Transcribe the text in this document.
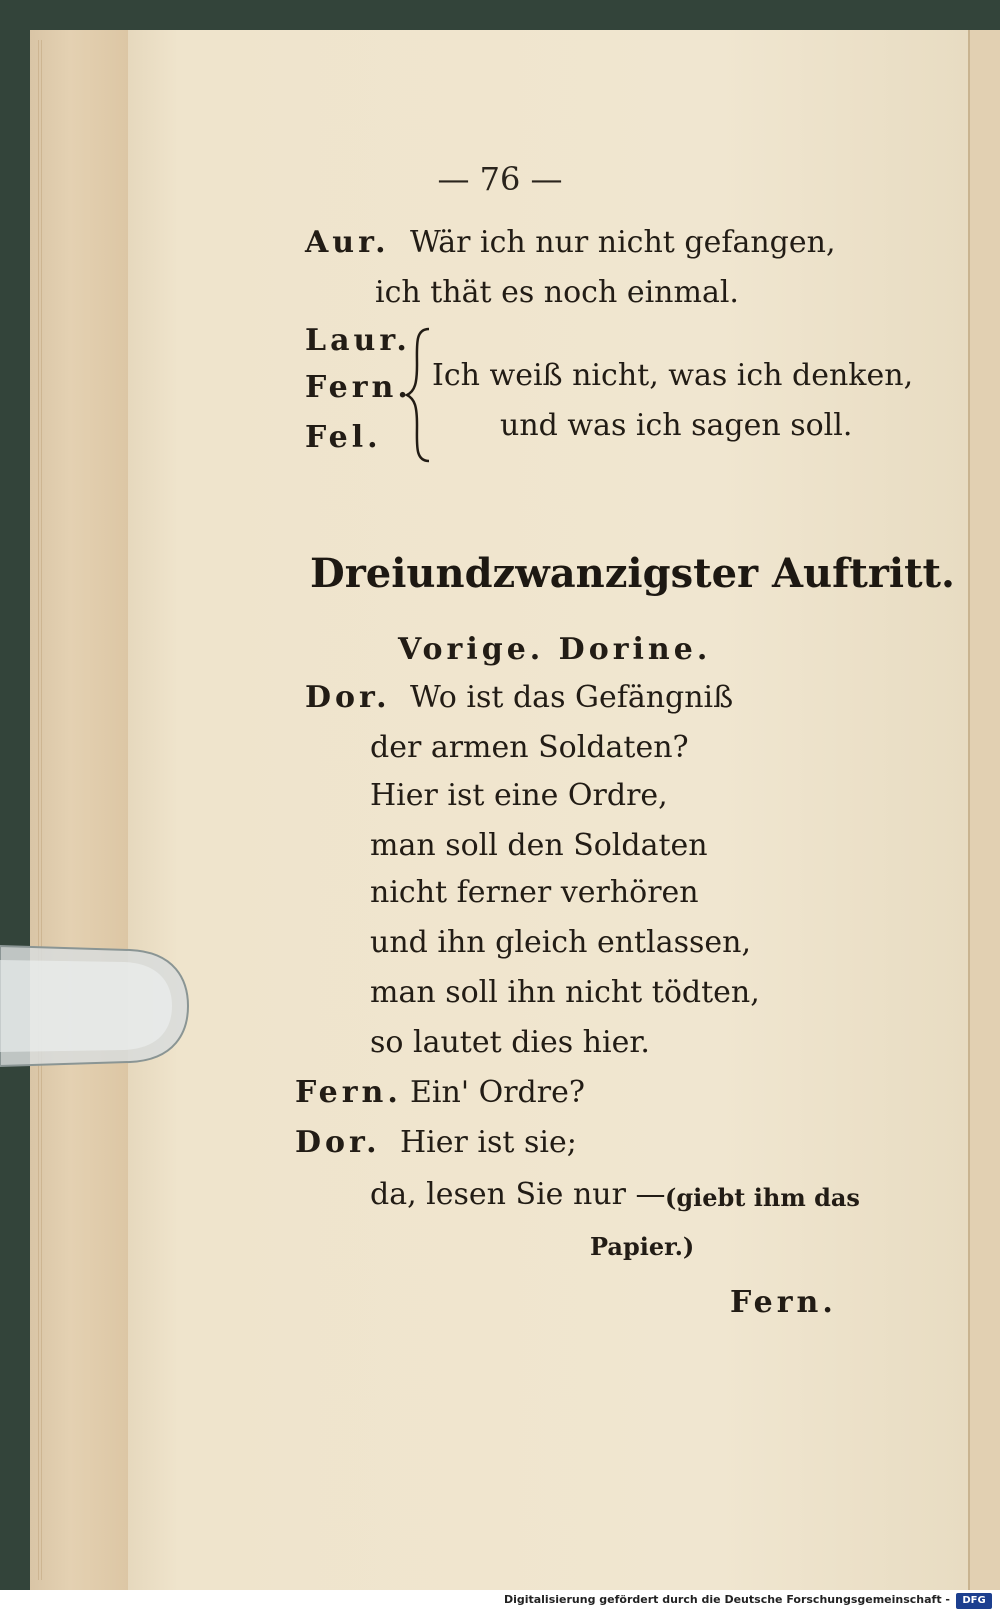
— 76 —
Aur. Wär ich nur nicht gefangen,
ich thät es noch einmal.
Laur.
Fern.
Fel.
Ich weiß nicht, was ich denken,
und was ich sagen soll.
Dreiundzwanzigster Auftritt.
Vorige. Dorine.
Dor. Wo ist das Gefängniß
der armen Soldaten?
Hier ist eine Ordre,
man soll den Soldaten
nicht ferner verhören
und ihn gleich entlassen,
man soll ihn nicht tödten,
so lautet dies hier.
Fern. Ein' Ordre?
Dor. Hier ist sie;
da, lesen Sie nur — (giebt ihm das
Papier.)
Fern.
Digitalisierung gefördert durch die Deutsche Forschungsgemeinschaft -	DFG
